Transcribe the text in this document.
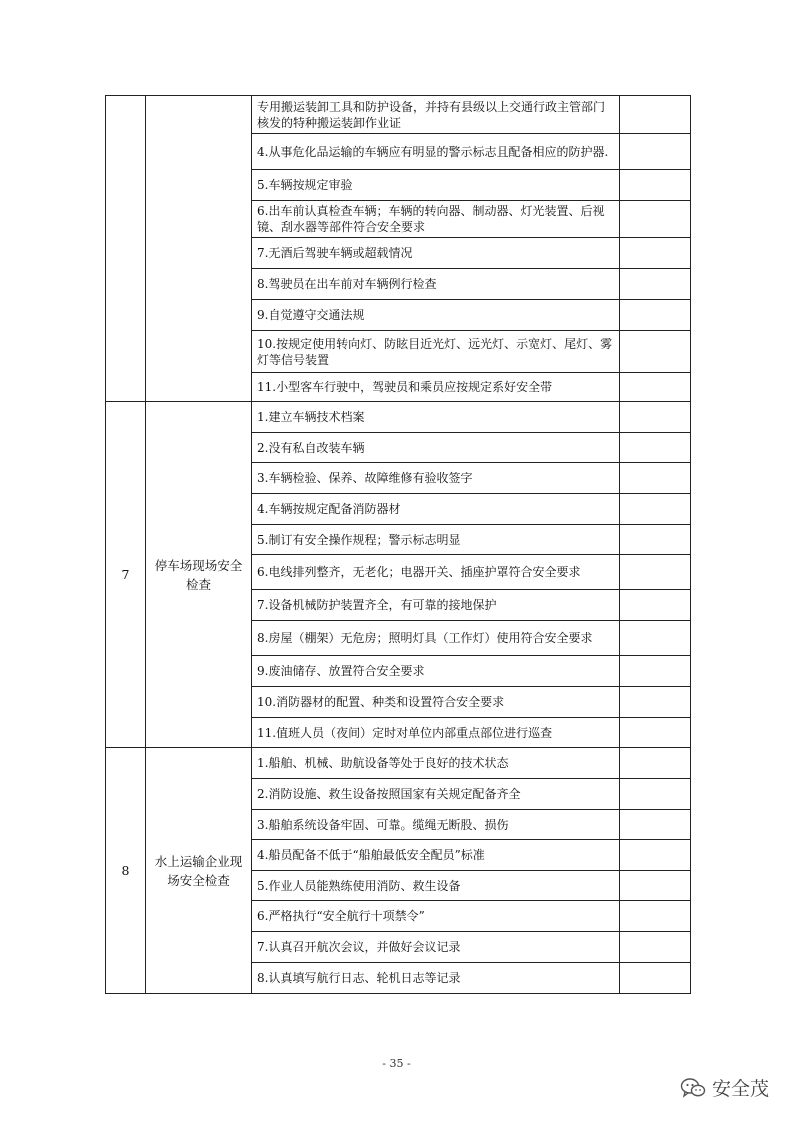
		专用搬运装卸工具和防护设备，并持有县级以上交通行政主管部门核发的特种搬运装卸作业证	
		4.从事危化品运输的车辆应有明显的警示标志且配备相应的防护器.	
		5.车辆按规定审验	
		6.出车前认真检查车辆；车辆的转向器、制动器、灯光装置、后视镜、刮水器等部件符合安全要求	
		7.无酒后驾驶车辆或超载情况	
		8.驾驶员在出车前对车辆例行检查	
		9.自觉遵守交通法规	
		10.按规定使用转向灯、防眩目近光灯、远光灯、示宽灯、尾灯、雾灯等信号装置	
		11.小型客车行驶中，驾驶员和乘员应按规定系好安全带	
7	停车场现场安全检查	1.建立车辆技术档案	
		2.没有私自改装车辆	
		3.车辆检验、保养、故障维修有验收签字	
		4.车辆按规定配备消防器材	
		5.制订有安全操作规程；警示标志明显	
		6.电线排列整齐，无老化；电器开关、插座护罩符合安全要求	
		7.设备机械防护装置齐全，有可靠的接地保护	
		8.房屋（棚架）无危房；照明灯具（工作灯）使用符合安全要求	
		9.废油储存、放置符合安全要求	
		10.消防器材的配置、种类和设置符合安全要求	
		11.值班人员（夜间）定时对单位内部重点部位进行巡查	
8	水上运输企业现场安全检查	1.船舶、机械、助航设备等处于良好的技术状态	
		2.消防设施、救生设备按照国家有关规定配备齐全	
		3.船舶系统设备牢固、可靠。缆绳无断股、损伤	
		4.船员配备不低于“船舶最低安全配员”标准	
		5.作业人员能熟练使用消防、救生设备	
		6.严格执行“安全航行十项禁令”	
		7.认真召开航次会议，并做好会议记录	
		8.认真填写航行日志、轮机日志等记录	
- 35 -
安全茂
